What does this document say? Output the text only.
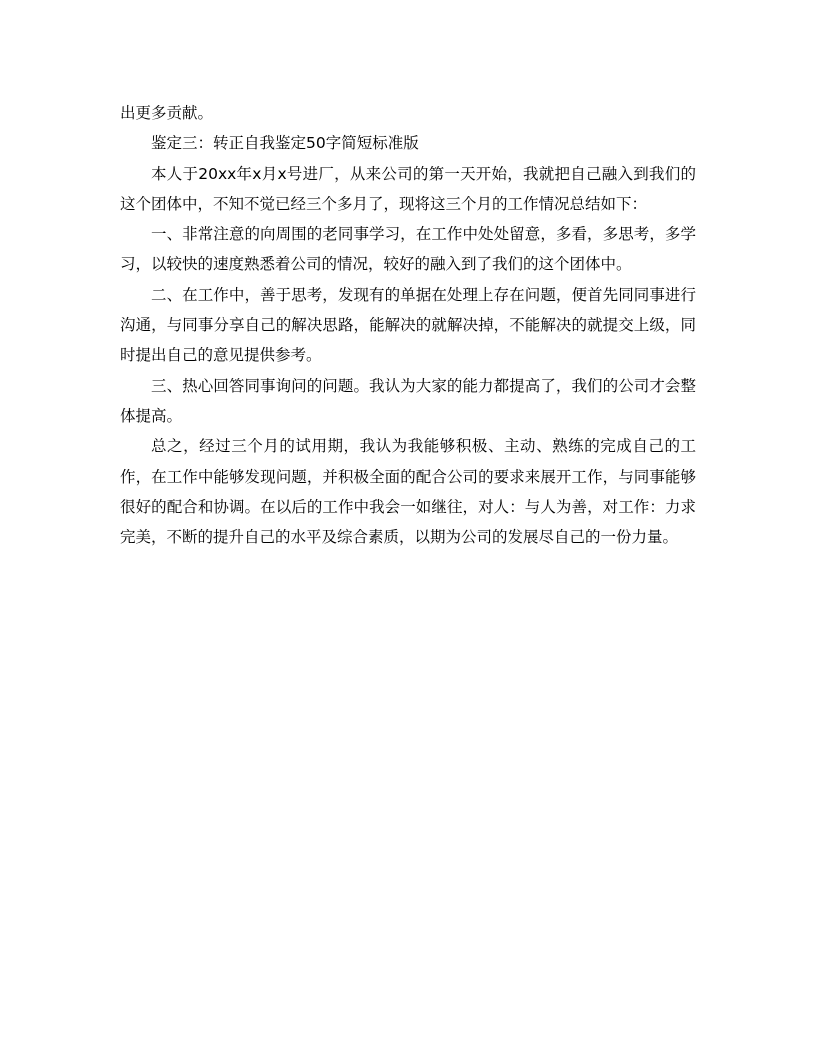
出更多贡献。

鉴定三：转正自我鉴定50字简短标准版

本人于20xx年x月x号进厂，从来公司的第一天开始，我就把自己融入到我们的这个团体中，不知不觉已经三个多月了，现将这三个月的工作情况总结如下：

一、非常注意的向周围的老同事学习，在工作中处处留意，多看，多思考，多学习，以较快的速度熟悉着公司的情况，较好的融入到了我们的这个团体中。

二、在工作中，善于思考，发现有的单据在处理上存在问题，便首先同同事进行沟通，与同事分享自己的解决思路，能解决的就解决掉，不能解决的就提交上级，同时提出自己的意见提供参考。

三、热心回答同事询问的问题。我认为大家的能力都提高了，我们的公司才会整体提高。

总之，经过三个月的试用期，我认为我能够积极、主动、熟练的完成自己的工作，在工作中能够发现问题，并积极全面的配合公司的要求来展开工作，与同事能够很好的配合和协调。在以后的工作中我会一如继往，对人：与人为善，对工作：力求完美，不断的提升自己的水平及综合素质，以期为公司的发展尽自己的一份力量。
